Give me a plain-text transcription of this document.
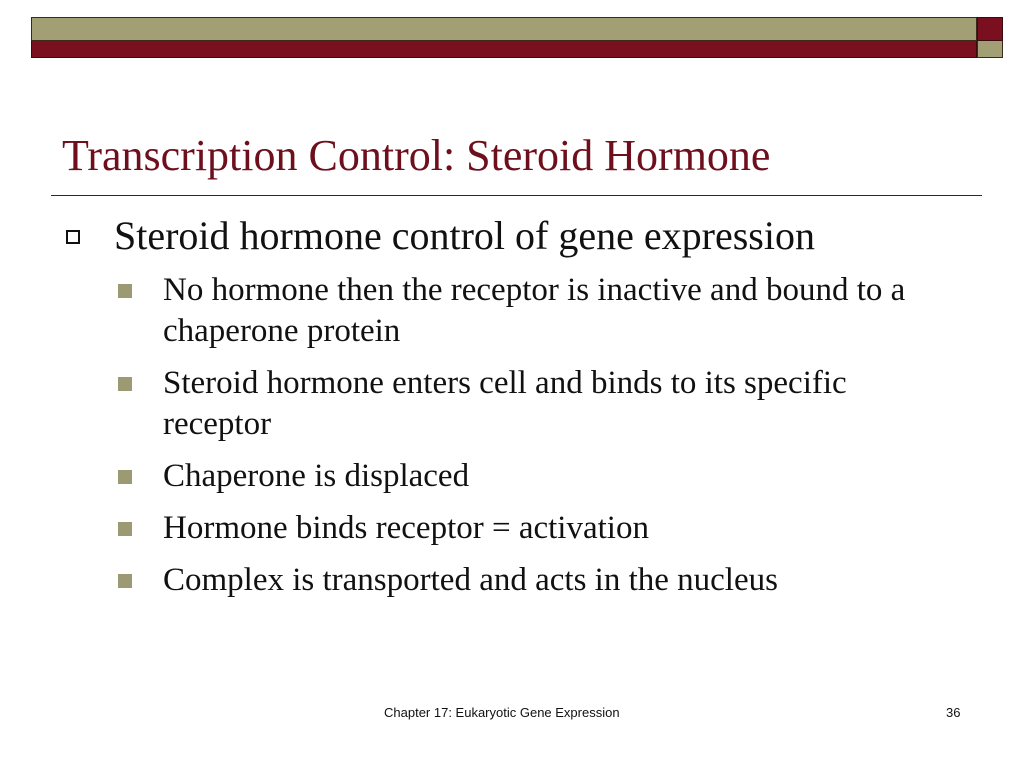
Transcription Control: Steroid Hormone
Steroid hormone control of gene expression
No hormone then the receptor is inactive and bound to a chaperone protein
Steroid hormone enters cell and binds to its specific receptor
Chaperone is displaced
Hormone binds receptor = activation
Complex is transported and acts in the nucleus
Chapter 17: Eukaryotic Gene Expression	36
